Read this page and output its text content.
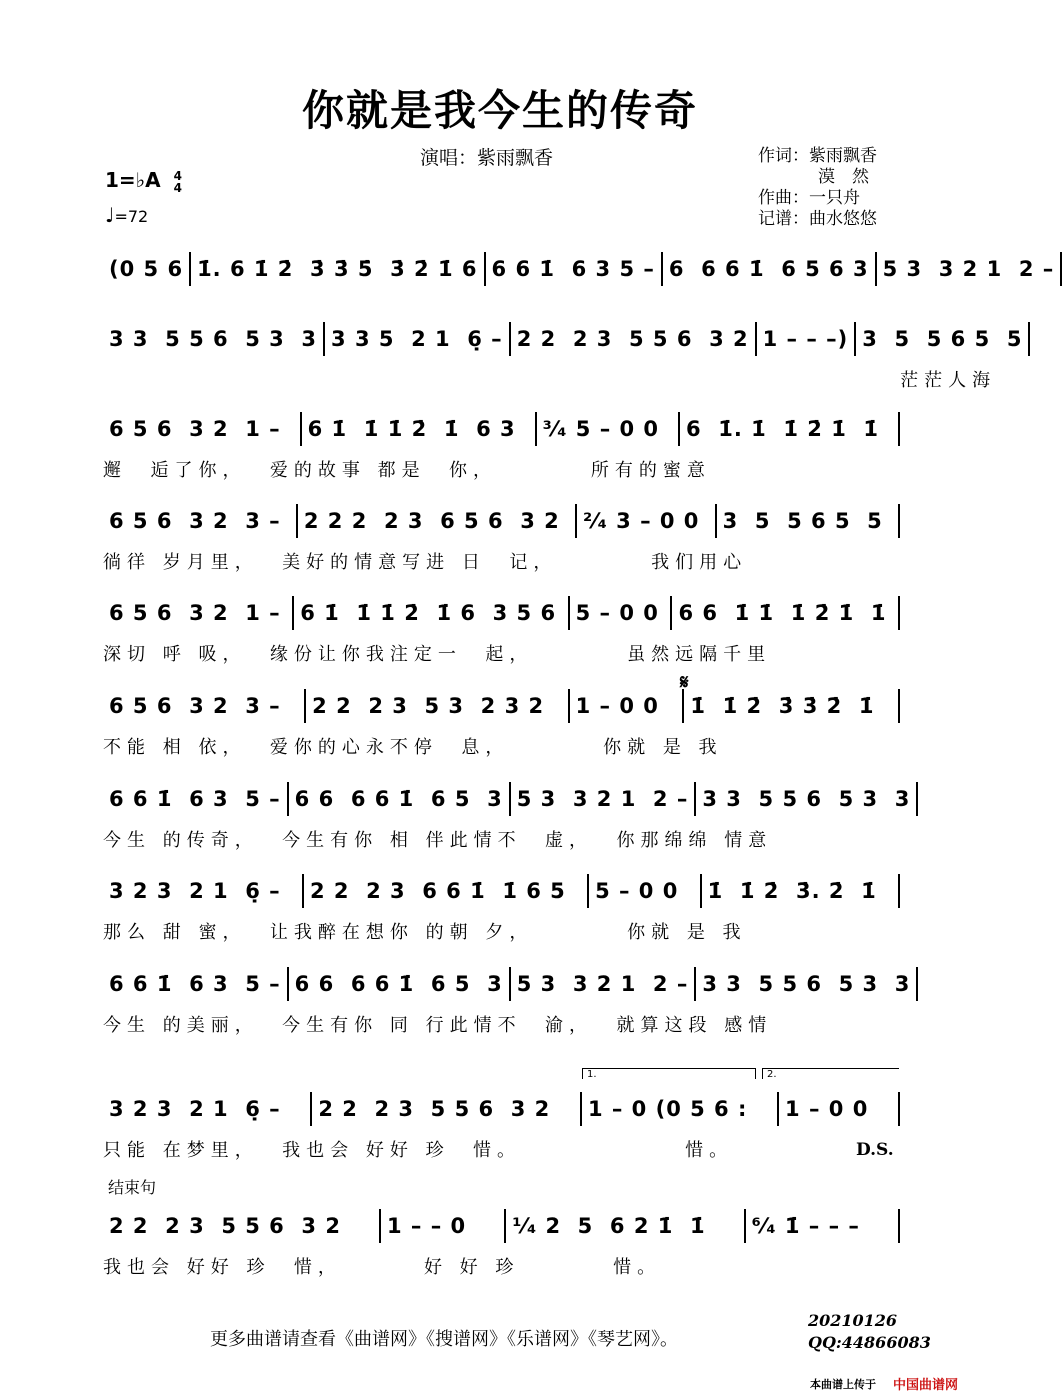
你就是我今生的传奇
演唱：紫雨飘香	作词：紫雨飘香
漠　然
作曲：一只舟
记谱：曲水悠悠
1=♭A 4
4
♩=72
(0 5 6 1̇. 6 1̇ 2̇  3̇ 3̇ 5̇  3̇ 2̇ 1̇ 6 6 6 1̇  6 3 5 – 6  6 6 1̇  6 5 6 3 5 3  3 2 1  2 –
3 3  5 5 6  5 3  3 3 3 5  2 1  6̣ – 2 2  2 3  5 5 6  3 2 1 – – –) 3  5  5 6 5  5
茫茫人海
6 5 6  3 2  1 –	6 1̇  1̇ 1̇ 2̇  1̇  6 3	³⁄₄ 5 – 0 0	6  1̇. 1̇  1̇ 2̇ 1̇  1̇
邂  逅了你，  爱的故事 都是  你，        所有的蜜意
6 5 6  3 2  3 –	2 2 2  2 3  6 5 6  3 2	²⁄₄ 3 – 0 0	3  5  5 6 5  5
徜徉 岁月里，  美好的情意写进 日  记，        我们用心
6 5 6  3 2  1 – 6 1̇  1̇ 1̇ 2̇  1̇ 6  3 5 6 5 – 0 0 6 6  1̇ 1̇  1̇ 2̇ 1̇  1̇
深切 呼 吸，  缘份让你我注定一  起，        虽然远隔千里
6 5 6  3 2  3 –	2 2  2 3  5 3  2 3 2	1 – 0 0	1̇  1̇ 2̇  3̇ 3̇ 2̇  1̇
不能 相 依，  爱你的心永不停  息，        你就 是 我
6 6 1̇  6 3  5 – 6 6  6 6 1̇  6 5  3 5 3  3 2 1  2 – 3 3  5 5 6  5 3  3
今生 的传奇，  今生有你 相 伴此情不  虚，  你那绵绵 情意
3 2 3  2 1  6̣ –	2 2  2 3  6 6 1̇  1̇ 6 5	5 – 0 0	1̇  1̇ 2̇  3̇. 2̇  1̇
那么 甜 蜜，  让我醉在想你 的朝 夕，        你就 是 我
6 6 1̇  6 3  5 – 6 6  6 6 1̇  6 5  3 5 3  3 2 1  2 – 3 3  5 5 6  5 3  3
今生 的美丽，  今生有你 同 行此情不  渝，  就算这段 感情
3 2 3  2 1  6̣ –	2 2  2 3  5 5 6  3 2	1 – 0 (0 5 6 :	1 – 0 0
只能 在梦里，  我也会 好好 珍  惜。              惜。
2 2  2 3  5 5 6  3 2	1 – – 0	¹⁄₄ 2  5  6 2 1̇  1̇	⁶⁄₄ 1̇ – – –
我也会 好好 珍  惜，       好 好 珍        惜。
𝄋
D.S.
结束句
更多曲谱请查看《曲谱网》《搜谱网》《乐谱网》《琴艺网》。
20210126
QQ:44866083
本曲谱上传于 中国曲谱网
1.	2.
